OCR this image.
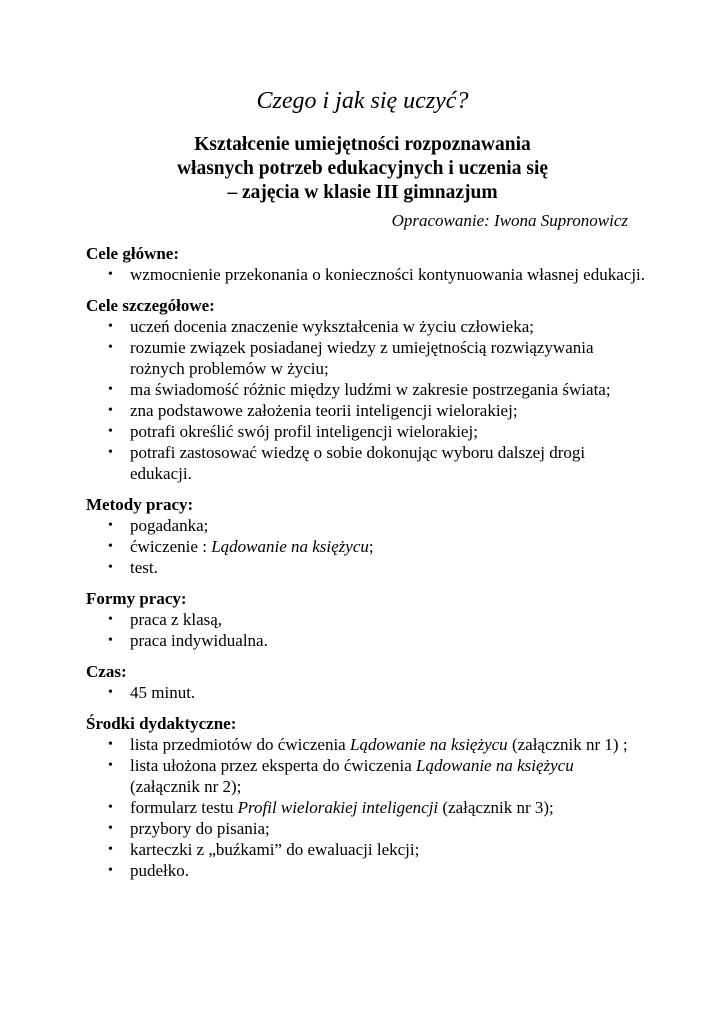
Czego i jak się uczyć?
Kształcenie umiejętności rozpoznawania
własnych potrzeb edukacyjnych i uczenia się
– zajęcia w klasie III gimnazjum

Opracowanie: Iwona Supronowicz

Cele główne:

• wzmocnienie przekonania o konieczności kontynuowania własnej edukacji.

Cele szczegółowe:

• uczeń docenia znaczenie wykształcenia w życiu człowieka;
• rozumie związek posiadanej wiedzy z umiejętnością rozwiązywania rożnych problemów w życiu;
• ma świadomość różnic między ludźmi w zakresie postrzegania świata;
• zna podstawowe założenia teorii inteligencji wielorakiej;
• potrafi określić swój profil inteligencji wielorakiej;
• potrafi zastosować wiedzę o sobie dokonując wyboru dalszej drogi edukacji.

Metody pracy:

• pogadanka;
• ćwiczenie : Lądowanie na księżycu;
• test.

Formy pracy:

• praca z klasą,
• praca indywidualna.

Czas:

• 45 minut.

Środki dydaktyczne:

• lista przedmiotów do ćwiczenia Lądowanie na księżycu (załącznik nr 1) ;
• lista ułożona przez eksperta do ćwiczenia Lądowanie na księżycu (załącznik nr 2);
• formularz testu Profil wielorakiej inteligencji (załącznik nr 3);
• przybory do pisania;
• karteczki z „buźkami” do ewaluacji lekcji;
• pudełko.
